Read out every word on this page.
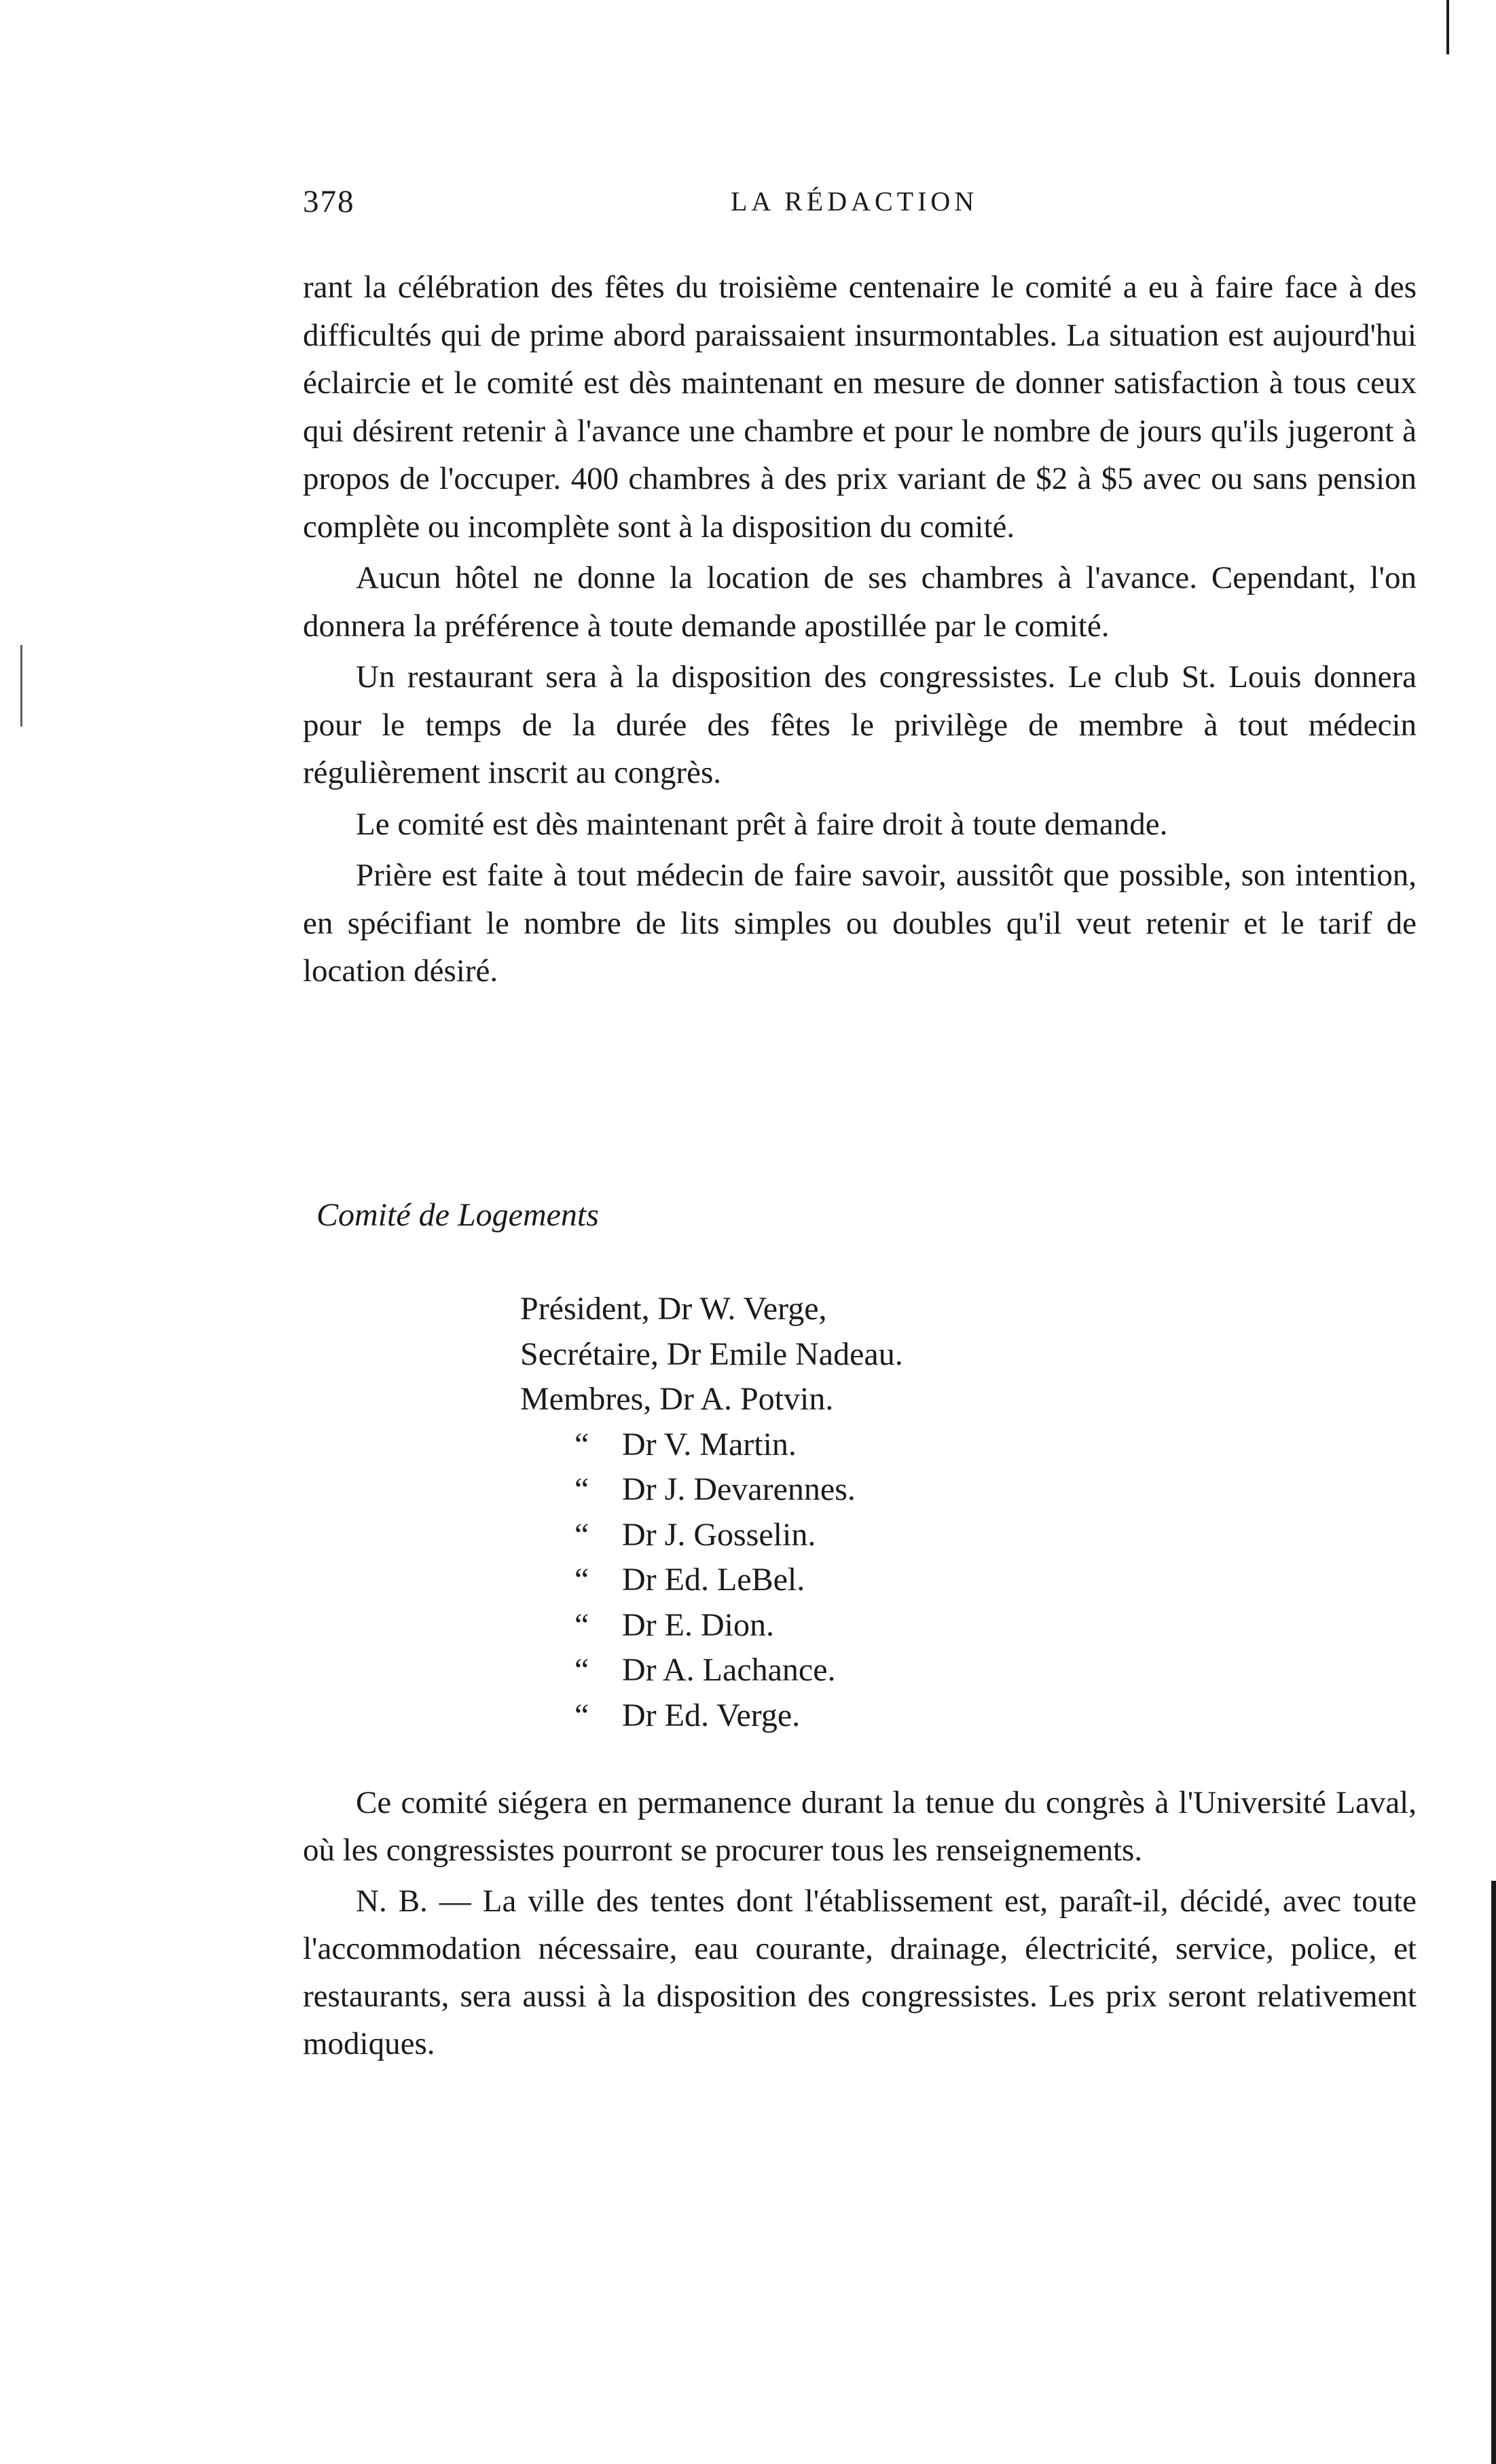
378	LA RÉDACTION

rant la célébration des fêtes du troisième centenaire le comité a eu à faire face à des difficultés qui de prime abord paraissaient insurmontables. La situation est aujourd'hui éclaircie et le comité est dès maintenant en mesure de donner satisfaction à tous ceux qui désirent retenir à l'avance une chambre et pour le nombre de jours qu'ils jugeront à propos de l'occuper. 400 chambres à des prix variant de $2 à $5 avec ou sans pension complète ou incomplète sont à la disposition du comité.

Aucun hôtel ne donne la location de ses chambres à l'avance. Cependant, l'on donnera la préférence à toute demande apostillée par le comité.

Un restaurant sera à la disposition des congressistes. Le club St. Louis donnera pour le temps de la durée des fêtes le privilège de membre à tout médecin régulièrement inscrit au congrès.

Le comité est dès maintenant prêt à faire droit à toute demande.

Prière est faite à tout médecin de faire savoir, aussitôt que possible, son intention, en spécifiant le nombre de lits simples ou doubles qu'il veut retenir et le tarif de location désiré.

Comité de Logements
Président, Dr W. Verge,
Secrétaire, Dr Emile Nadeau.
Membres, Dr A. Potvin.
“ Dr V. Martin.
“ Dr J. Devarennes.
“ Dr J. Gosselin.
“ Dr Ed. LeBel.
“ Dr E. Dion.
“ Dr A. Lachance.
“ Dr Ed. Verge.

Ce comité siégera en permanence durant la tenue du congrès à l'Université Laval, où les congressistes pourront se procurer tous les renseignements.

N. B. — La ville des tentes dont l'établissement est, paraît-il, décidé, avec toute l'accommodation nécessaire, eau courante, drainage, électricité, service, police, et restaurants, sera aussi à la disposition des congressistes. Les prix seront relativement modiques.
